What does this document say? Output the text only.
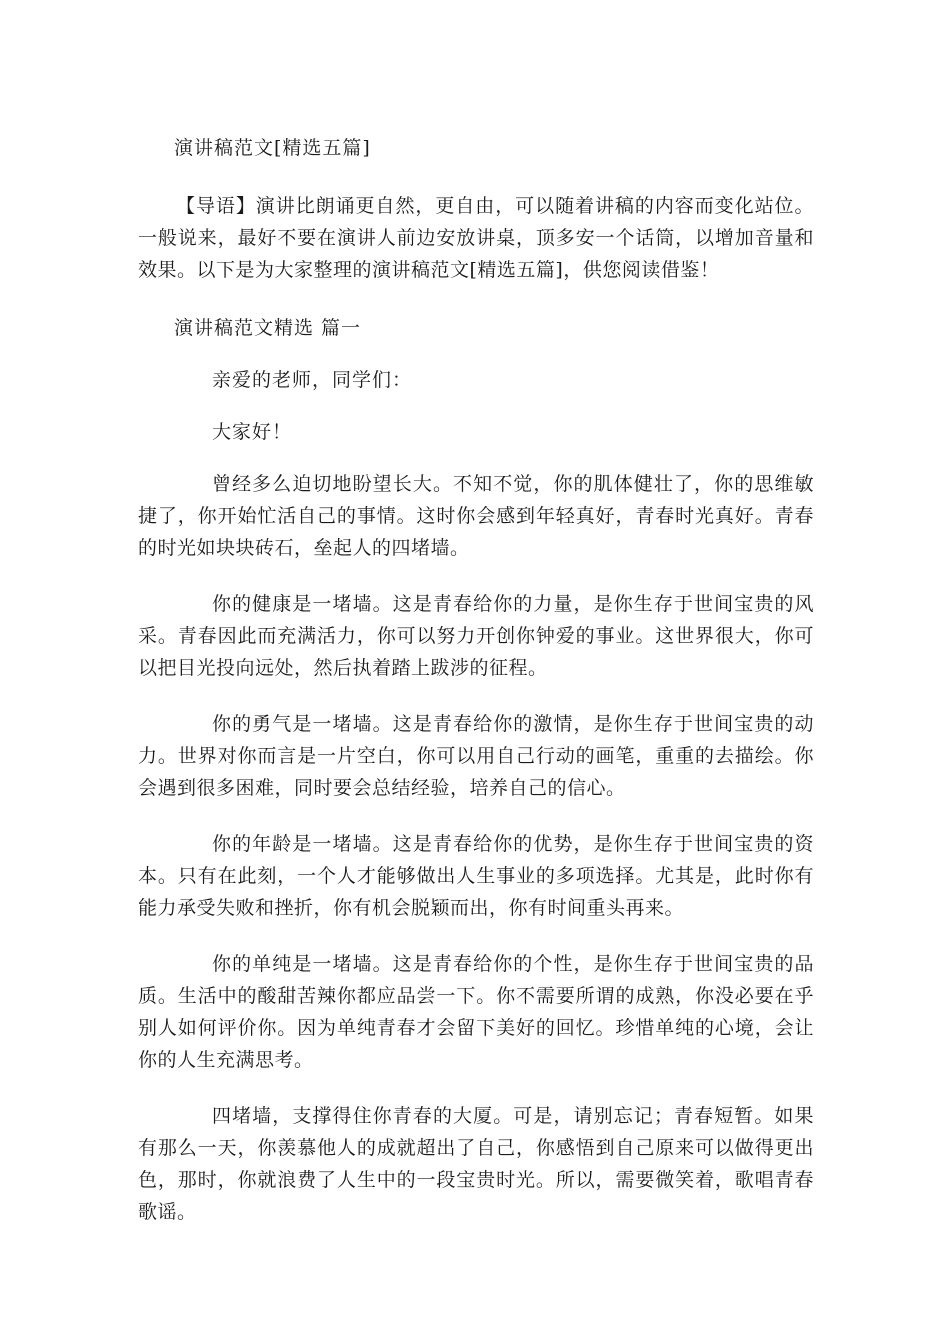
演讲稿范文[精选五篇]

【导语】演讲比朗诵更自然，更自由，可以随着讲稿的内容而变化站位。一般说来，最好不要在演讲人前边安放讲桌，顶多安一个话筒，以增加音量和效果。以下是为大家整理的演讲稿范文[精选五篇]，供您阅读借鉴！

演讲稿范文精选 篇一

亲爱的老师，同学们：

大家好！

曾经多么迫切地盼望长大。不知不觉，你的肌体健壮了，你的思维敏捷了，你开始忙活自己的事情。这时你会感到年轻真好，青春时光真好。青春的时光如块块砖石，垒起人的四堵墙。

你的健康是一堵墙。这是青春给你的力量，是你生存于世间宝贵的风采。青春因此而充满活力，你可以努力开创你钟爱的事业。这世界很大，你可以把目光投向远处，然后执着踏上跋涉的征程。

你的勇气是一堵墙。这是青春给你的激情，是你生存于世间宝贵的动力。世界对你而言是一片空白，你可以用自己行动的画笔，重重的去描绘。你会遇到很多困难，同时要会总结经验，培养自己的信心。

你的年龄是一堵墙。这是青春给你的优势，是你生存于世间宝贵的资本。只有在此刻，一个人才能够做出人生事业的多项选择。尤其是，此时你有能力承受失败和挫折，你有机会脱颖而出，你有时间重头再来。

你的单纯是一堵墙。这是青春给你的个性，是你生存于世间宝贵的品质。生活中的酸甜苦辣你都应品尝一下。你不需要所谓的成熟，你没必要在乎别人如何评价你。因为单纯青春才会留下美好的回忆。珍惜单纯的心境，会让你的人生充满思考。

四堵墙，支撑得住你青春的大厦。可是，请别忘记；青春短暂。如果有那么一天，你羡慕他人的成就超出了自己，你感悟到自己原来可以做得更出色，那时，你就浪费了人生中的一段宝贵时光。所以，需要微笑着，歌唱青春歌谣。
